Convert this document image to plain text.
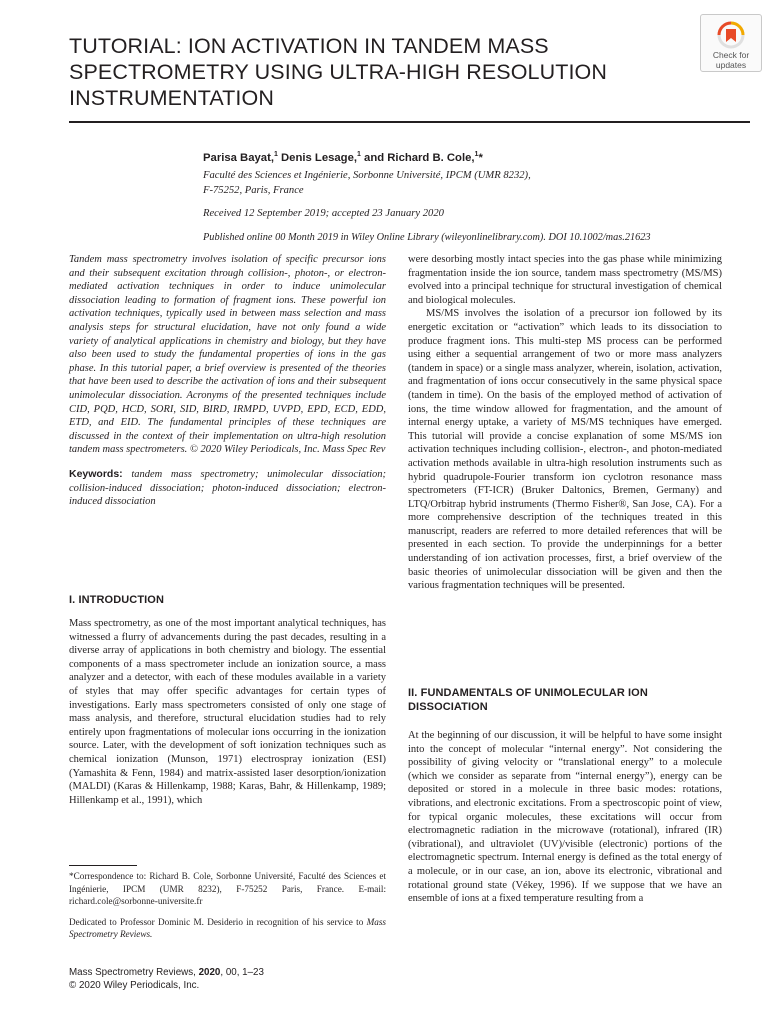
TUTORIAL: ION ACTIVATION IN TANDEM MASS SPECTROMETRY USING ULTRA-HIGH RESOLUTION INSTRUMENTATION
Check for
updates
Parisa Bayat,$^1$ Denis Lesage,$^1$ and Richard B. Cole,$^1$*
Faculté des Sciences et Ingénierie, Sorbonne Université, IPCM (UMR 8232),
F-75252, Paris, France
Received 12 September 2019; accepted 23 January 2020
Published online 00 Month 2019 in Wiley Online Library (wileyonlinelibrary.com). DOI 10.1002/mas.21623

Tandem mass spectrometry involves isolation of specific precursor ions and their subsequent excitation through collision-, photon-, or electron-mediated activation techniques in order to induce unimolecular dissociation leading to formation of fragment ions. These powerful ion activation techniques, typically used in between mass selection and mass analysis steps for structural elucidation, have not only found a wide variety of analytical applications in chemistry and biology, but they have also been used to study the fundamental properties of ions in the gas phase. In this tutorial paper, a brief overview is presented of the theories that have been used to describe the activation of ions and their subsequent unimolecular dissociation. Acronyms of the presented techniques include CID, PQD, HCD, SORI, SID, BIRD, IRMPD, UVPD, EPD, ECD, EDD, ETD, and EID. The fundamental principles of these techniques are discussed in the context of their implementation on ultra-high resolution tandem mass spectrometers. © 2020 Wiley Periodicals, Inc. Mass Spec Rev

Keywords: tandem mass spectrometry; unimolecular dissociation; collision-induced dissociation; photon-induced dissociation; electron-induced dissociation

I. INTRODUCTION

Mass spectrometry, as one of the most important analytical techniques, has witnessed a flurry of advancements during the past decades, resulting in a diverse array of applications in both chemistry and biology. The essential components of a mass spectrometer include an ionization source, a mass analyzer and a detector, with each of these modules available in a variety of styles that may offer specific advantages for certain types of investigations. Early mass spectrometers consisted of only one stage of mass analysis, and therefore, structural elucidation studies had to rely entirely upon fragmentations of molecular ions occurring in the ionization source. Later, with the development of soft ionization techniques such as chemical ionization (Munson, 1971) electrospray ionization (ESI) (Yamashita & Fenn, 1984) and matrix-assisted laser desorption/ionization (MALDI) (Karas & Hillenkamp, 1988; Karas, Bahr, & Hillenkamp, 1989; Hillenkamp et al., 1991), which

*Correspondence to: Richard B. Cole, Sorbonne Université, Faculté des Sciences et Ingénierie, IPCM (UMR 8232), F-75252 Paris, France. E-mail: richard.cole@sorbonne-universite.fr

Dedicated to Professor Dominic M. Desiderio in recognition of his service to Mass Spectrometry Reviews.

were desorbing mostly intact species into the gas phase while minimizing fragmentation inside the ion source, tandem mass spectrometry (MS/MS) evolved into a principal technique for structural investigation of chemical and biological molecules.

MS/MS involves the isolation of a precursor ion followed by its energetic excitation or “activation” which leads to its dissociation to produce fragment ions. This multi-step MS process can be performed using either a sequential arrangement of two or more mass analyzers (tandem in space) or a single mass analyzer, wherein, isolation, activation, and fragmentation of ions occur consecutively in the same physical space (tandem in time). On the basis of the employed method of activation of ions, the time window allowed for fragmentation, and the amount of internal energy uptake, a variety of MS/MS techniques have emerged. This tutorial will provide a concise explanation of some MS/MS ion activation techniques including collision-, electron-, and photon-mediated activation methods available in ultra-high resolution instruments such as hybrid quadrupole-Fourier transform ion cyclotron resonance mass spectrometers (FT-ICR) (Bruker Daltonics, Bremen, Germany) and LTQ/Orbitrap hybrid instruments (Thermo Fisher®, San Jose, CA). For a more comprehensive description of the techniques treated in this manuscript, readers are referred to more detailed references that will be presented in each section. To provide the underpinnings for a better understanding of ion activation processes, first, a brief overview of the basic theories of unimolecular dissociation will be given and then the various fragmentation techniques will be presented.

II. FUNDAMENTALS OF UNIMOLECULAR ION DISSOCIATION

At the beginning of our discussion, it will be helpful to have some insight into the concept of molecular “internal energy”. Not considering the possibility of giving velocity or “translational energy” to a molecule (which we consider as separate from “internal energy”), energy can be deposited or stored in a molecule in three basic modes: rotations, vibrations, and electronic excitations. From a spectroscopic point of view, for typical organic molecules, these excitations will occur from electromagnetic radiation in the microwave (rotational), infrared (IR) (vibrational), and ultraviolet (UV)/visible (electronic) portions of the electromagnetic spectrum. Internal energy is defined as the total energy of a molecule, or in our case, an ion, above its electronic, vibrational and rotational ground state (Vékey, 1996). If we suppose that we have an ensemble of ions at a fixed temperature resulting from a

Mass Spectrometry Reviews, 2020, 00, 1–23
© 2020 Wiley Periodicals, Inc.
